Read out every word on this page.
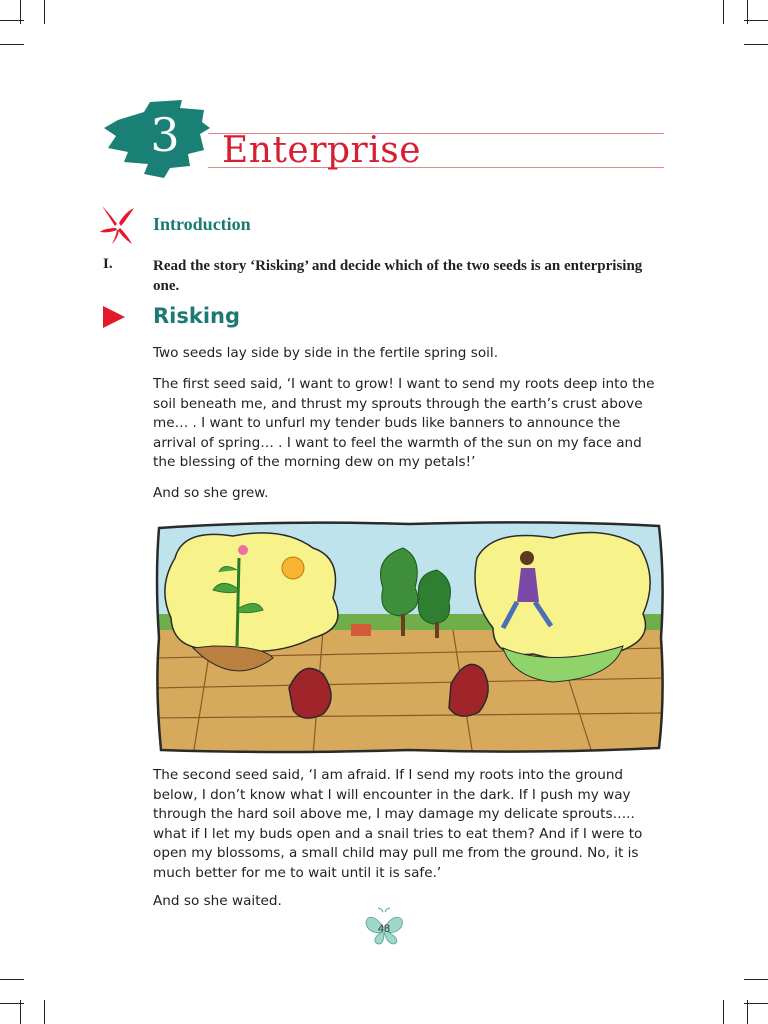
3 Enterprise
Introduction
I.	Read the story ‘Risking’ and decide which of the two seeds is an enterprising one.
Risking
Two seeds lay side by side in the fertile spring soil.
The first seed said, ‘I want to grow! I want to send my roots deep into the soil beneath me, and thrust my sprouts through the earth’s crust above me… . I want to unfurl my tender buds like banners to announce the arrival of spring… . I want to feel the warmth of the sun on my face and the blessing of the morning dew on my petals!’
And so she grew.
The second seed said, ‘I am afraid. If I send my roots into the ground below, I don’t know what I will encounter in the dark. If I push my way through the hard soil above me, I may damage my delicate sprouts….. what if I let my buds open and a snail tries to eat them? And if I were to open my blossoms, a small child may pull me from the ground. No, it is much better for me to wait until it is safe.’
And so she waited.
48
